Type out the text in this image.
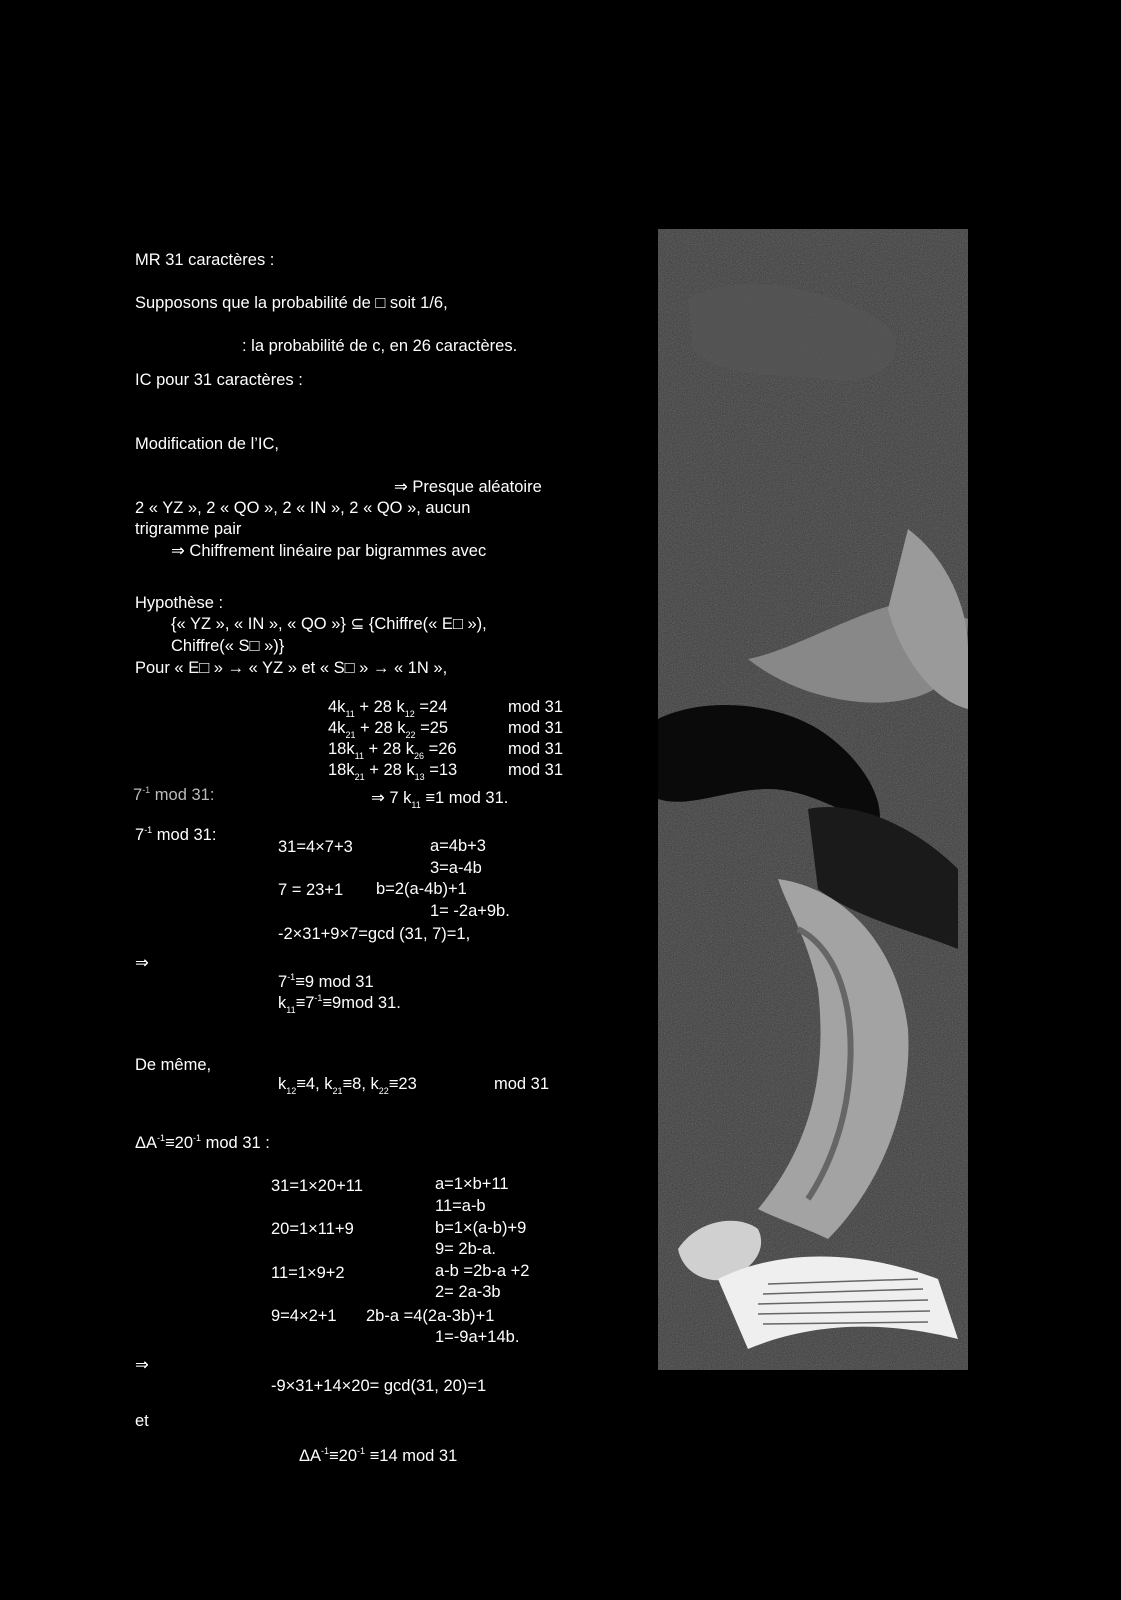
MR 31 caractères :
Supposons que la probabilité de □ soit 1/6,
: la probabilité de c, en 26 caractères.
IC pour 31 caractères :
Modification de l’IC,
⇒ Presque aléatoire
2 « YZ », 2 « QO », 2 « IN », 2 « QO », aucun
trigramme pair
⇒ Chiffrement linéaire par bigrammes avec
Hypothèse :
{« YZ », « IN », « QO »} ⊆ {Chiffre(« E□ »),
Chiffre(« S□ »)}
Pour « E□ » → « YZ » et « S□ » → « 1N »,
$4k_{11} + 28$ $k_{12} =24$	mod 31
$4k_{21} + 28$ $k_{22} =25$	mod 31
$18k_{11} + 28$ $k_{26} =26$	mod 31
$18k_{21} + 28$ $k_{13} =13$	mod 31
$7^{-1}$ mod 31:	⇒ 7 $k_{11} \equiv 1$ mod 31.
$7^{-1}$ mod 31:
31=4×7+3	a=4b+3
3=a-4b
7 = 23+1 b=2(a-4b)+1
1= -2a+9b.
-2×31+9×7=gcd (31, 7)=1,
⇒
$7^{-1}\equiv 9$ mod 31
$k_{11}\equiv 7^{-1}\equiv 9mod$ 31.
De même,
$k_{12}\equiv 4$, $k_{21}\equiv 8$, $k_{22}\equiv 23$	mod 31
$\Delta A^{-1}\equiv 20^{-1}$ mod 31 :
31=1×20+11	a=1×b+11
11=a-b
20=1×11+9	b=1×(a-b)+9
9= 2b-a.
11=1×9+2	a-b =2b-a +2
2= 2a-3b
9=4×2+1 2b-a =4(2a-3b)+1
1=-9a+14b.
⇒
-9×31+14×20= gcd(31, 20)=1
et
$\Delta A^{-1}\equiv 20^{-1} \equiv 14$ mod 31
